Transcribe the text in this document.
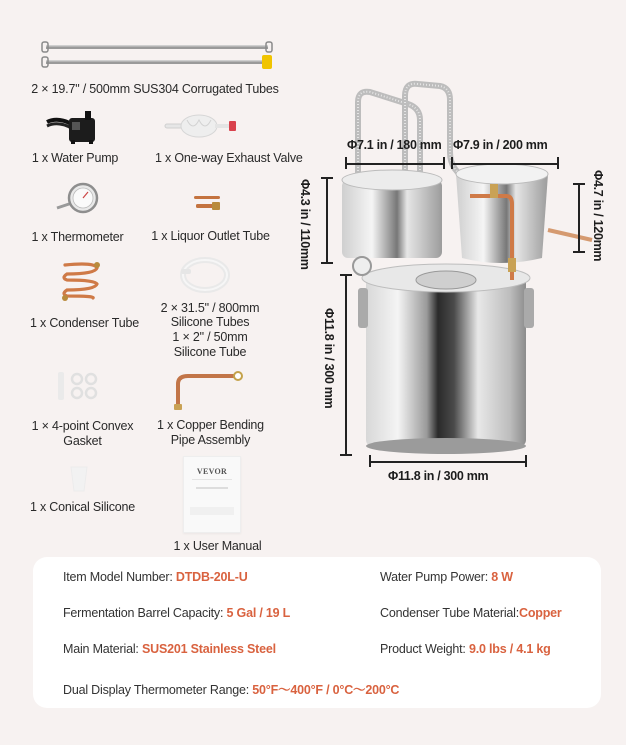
2 × 19.7" / 500mm SUS304 Corrugated Tubes
1 x Water Pump	1 x One-way Exhaust Valve
1 x Thermometer	1 x Liquor Outlet Tube
1 x Condenser Tube
2 × 31.5" / 800mm
Silicone Tubes
1 × 2" / 50mm
Silicone Tube
1 × 4-point Convex
Gasket
1 x Copper Bending
Pipe Assembly
1 x Conical Silicone
VEVOR
1 x User Manual
Φ7.1 in / 180 mm Φ7.9 in / 200 mm
Φ4.3 in / 110mm	Φ4.7 in / 120mm
Φ11.8 in / 300 mm
Φ11.8 in / 300 mm
Item Model Number: DTDB-20L-U
Fermentation Barrel Capacity: 5 Gal / 19 L
Main Material: SUS201 Stainless Steel
Dual Display Thermometer Range: 50°F～400°F / 0°C～200°C
Water Pump Power: 8 W
Condenser Tube Material:Copper
Product Weight: 9.0 lbs / 4.1 kg
